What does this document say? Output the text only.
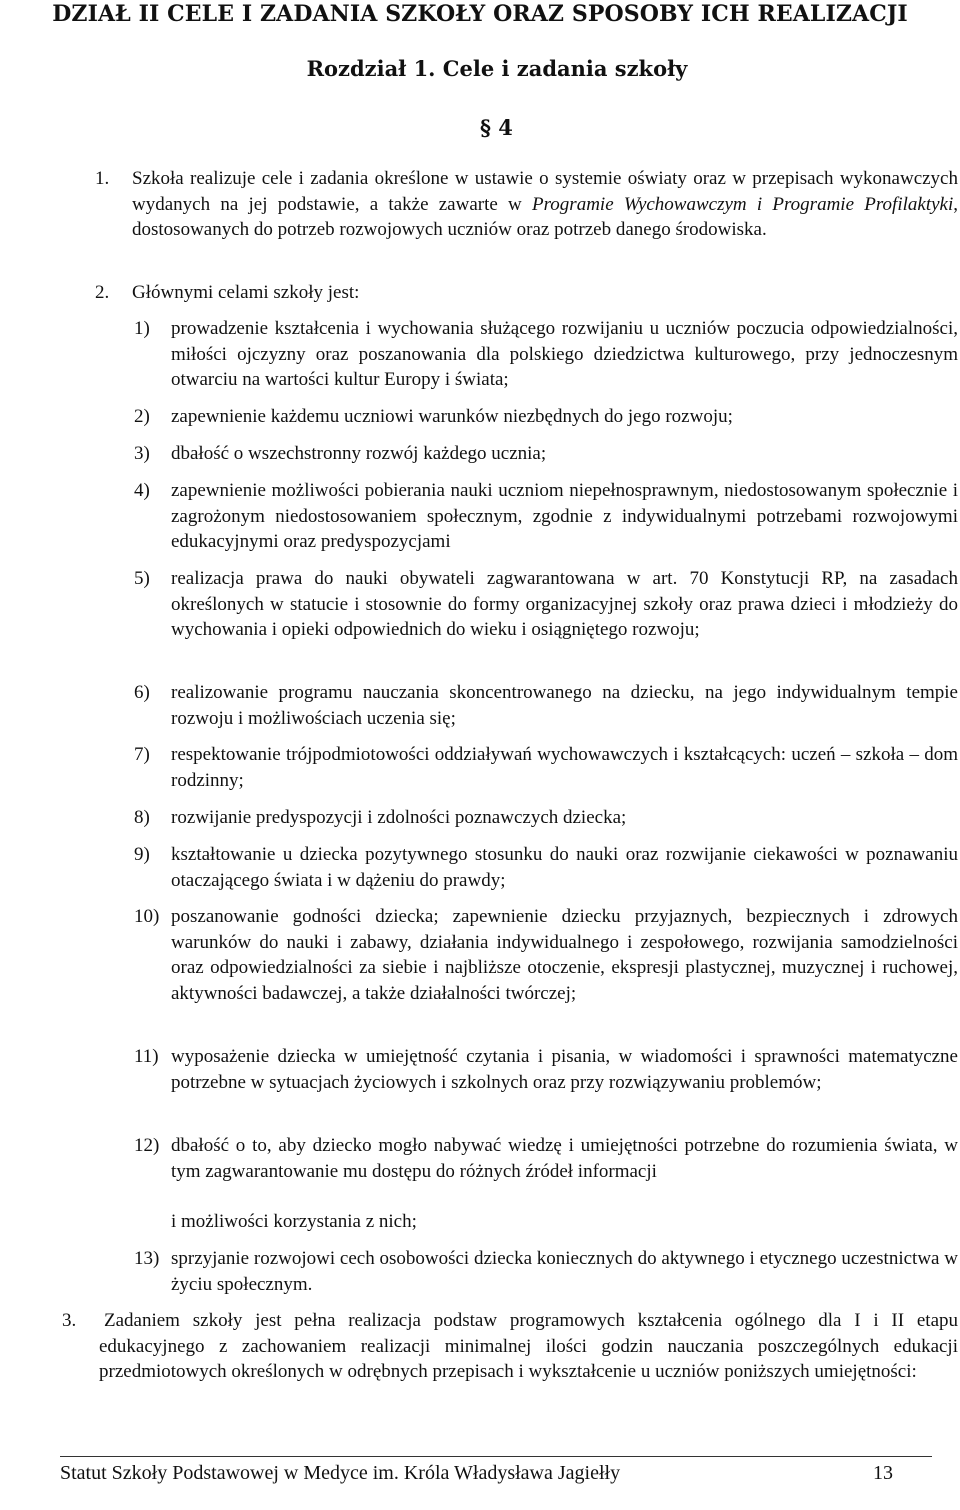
DZIAŁ II CELE I ZADANIA SZKOŁY ORAZ SPOSOBY ICH REALIZACJI
Rozdział 1. Cele i zadania szkoły
§ 4
1. Szkoła realizuje cele i zadania określone w ustawie o systemie oświaty oraz w przepisach wykonawczych wydanych na jej podstawie, a także zawarte w Programie Wychowawczym i Programie Profilaktyki, dostosowanych do potrzeb rozwojowych uczniów oraz potrzeb danego środowiska.
2. Głównymi celami szkoły jest:
1) prowadzenie kształcenia i wychowania służącego rozwijaniu u uczniów poczucia odpowiedzialności, miłości ojczyzny oraz poszanowania dla polskiego dziedzictwa kulturowego, przy jednoczesnym otwarciu na wartości kultur Europy i świata;
2) zapewnienie każdemu uczniowi warunków niezbędnych do jego rozwoju;
3) dbałość o wszechstronny rozwój każdego ucznia;
4) zapewnienie możliwości pobierania nauki uczniom niepełnosprawnym, niedostosowanym społecznie i zagrożonym niedostosowaniem społecznym, zgodnie z indywidualnymi potrzebami rozwojowymi edukacyjnymi oraz predyspozycjami
5) realizacja prawa do nauki obywateli zagwarantowana w art. 70 Konstytucji RP, na zasadach określonych w statucie i stosownie do formy organizacyjnej szkoły oraz prawa dzieci i młodzieży do wychowania i opieki odpowiednich do wieku i osiągniętego rozwoju;
6) realizowanie programu nauczania skoncentrowanego na dziecku, na jego indywidualnym tempie rozwoju i możliwościach uczenia się;
7) respektowanie trójpodmiotowości oddziaływań wychowawczych i kształcących: uczeń – szkoła – dom rodzinny;
8) rozwijanie predyspozycji i zdolności poznawczych dziecka;
9) kształtowanie u dziecka pozytywnego stosunku do nauki oraz rozwijanie ciekawości w poznawaniu otaczającego świata i w dążeniu do prawdy;
10) poszanowanie godności dziecka; zapewnienie dziecku przyjaznych, bezpiecznych i zdrowych warunków do nauki i zabawy, działania indywidualnego i zespołowego, rozwijania samodzielności oraz odpowiedzialności za siebie i najbliższe otoczenie, ekspresji plastycznej, muzycznej i ruchowej, aktywności badawczej, a także działalności twórczej;
11) wyposażenie dziecka w umiejętność czytania i pisania, w wiadomości i sprawności matematyczne potrzebne w sytuacjach życiowych i szkolnych oraz przy rozwiązywaniu problemów;
12) dbałość o to, aby dziecko mogło nabywać wiedzę i umiejętności potrzebne do rozumienia świata, w tym zagwarantowanie mu dostępu do różnych źródeł informacji
i możliwości korzystania z nich;
13) sprzyjanie rozwojowi cech osobowości dziecka koniecznych do aktywnego i etycznego uczestnictwa w życiu społecznym.
3. Zadaniem szkoły jest pełna realizacja podstaw programowych kształcenia ogólnego dla I i II etapu edukacyjnego z zachowaniem realizacji minimalnej ilości godzin nauczania poszczególnych edukacji przedmiotowych określonych w odrębnych przepisach i wykształcenie u uczniów poniższych umiejętności:
Statut Szkoły Podstawowej w Medyce im. Króla Władysława Jagiełły	13
